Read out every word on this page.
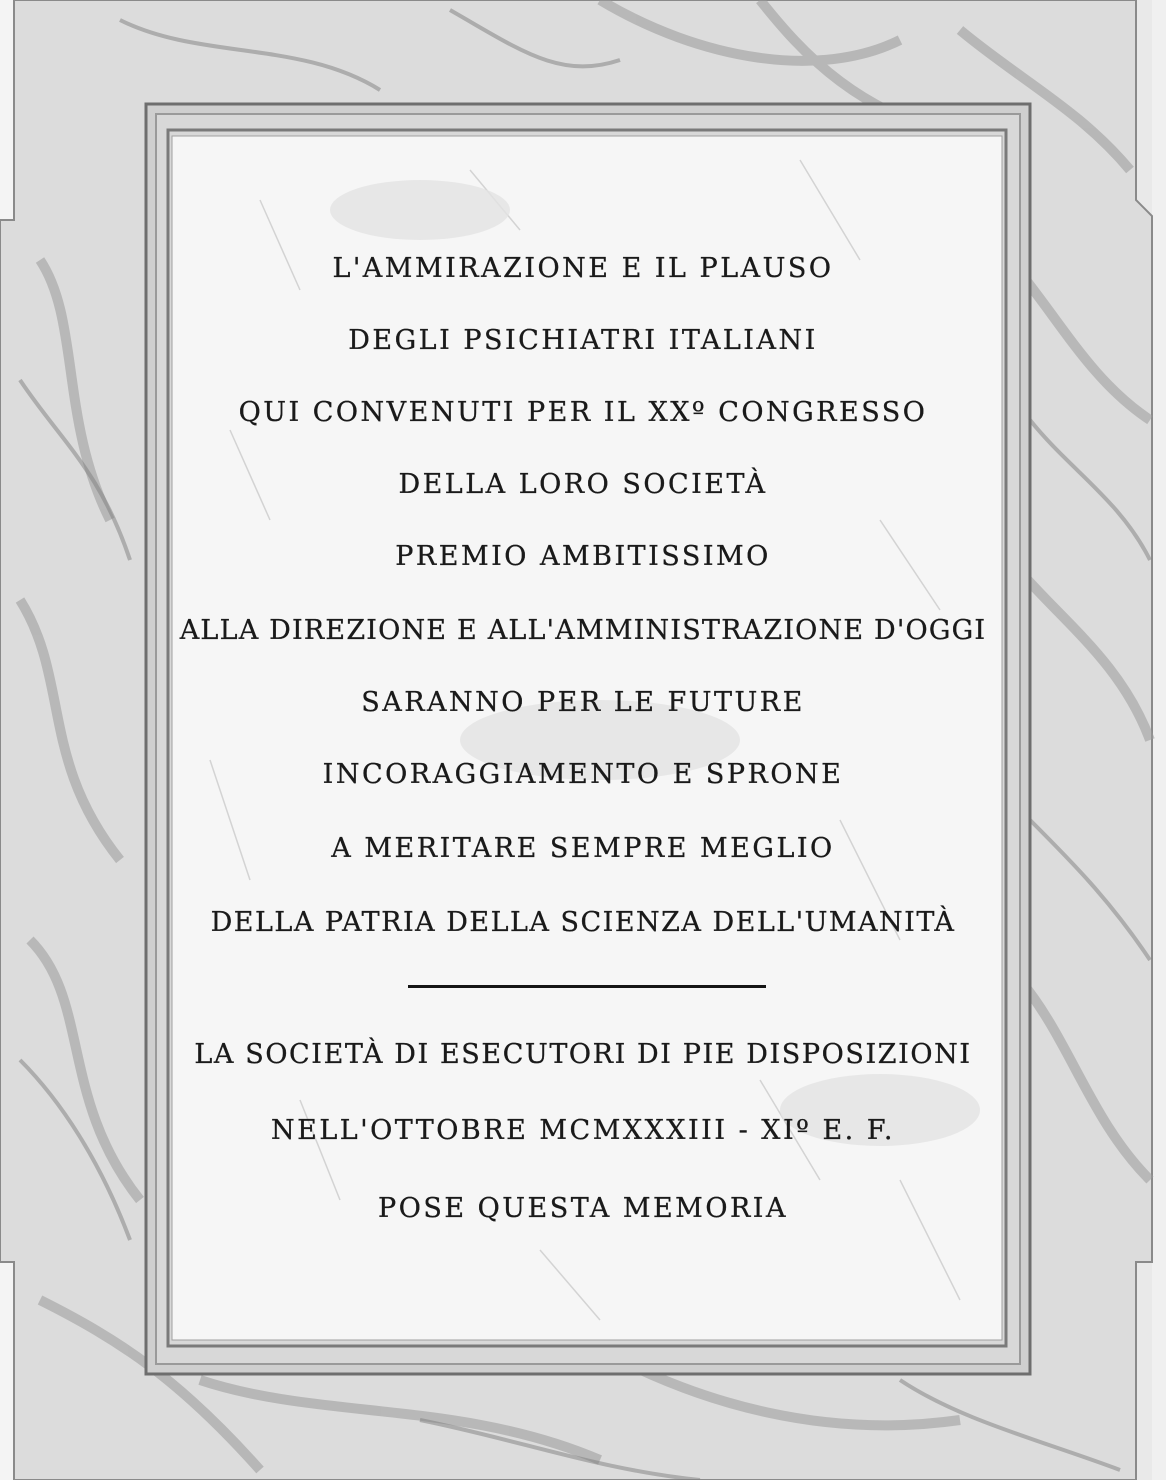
L'AMMIRAZIONE E IL PLAUSO
DEGLI PSICHIATRI ITALIANI
QUI CONVENUTI PER IL XXº CONGRESSO
DELLA LORO SOCIETÀ
PREMIO AMBITISSIMO
ALLA DIREZIONE E ALL'AMMINISTRAZIONE D'OGGI
SARANNO PER LE FUTURE
INCORAGGIAMENTO E SPRONE
A MERITARE SEMPRE MEGLIO
DELLA PATRIA DELLA SCIENZA DELL'UMANITÀ
LA SOCIETÀ DI ESECUTORI DI PIE DISPOSIZIONI
NELL'OTTOBRE MCMXXXIII - XIº E. F.
POSE QUESTA MEMORIA
